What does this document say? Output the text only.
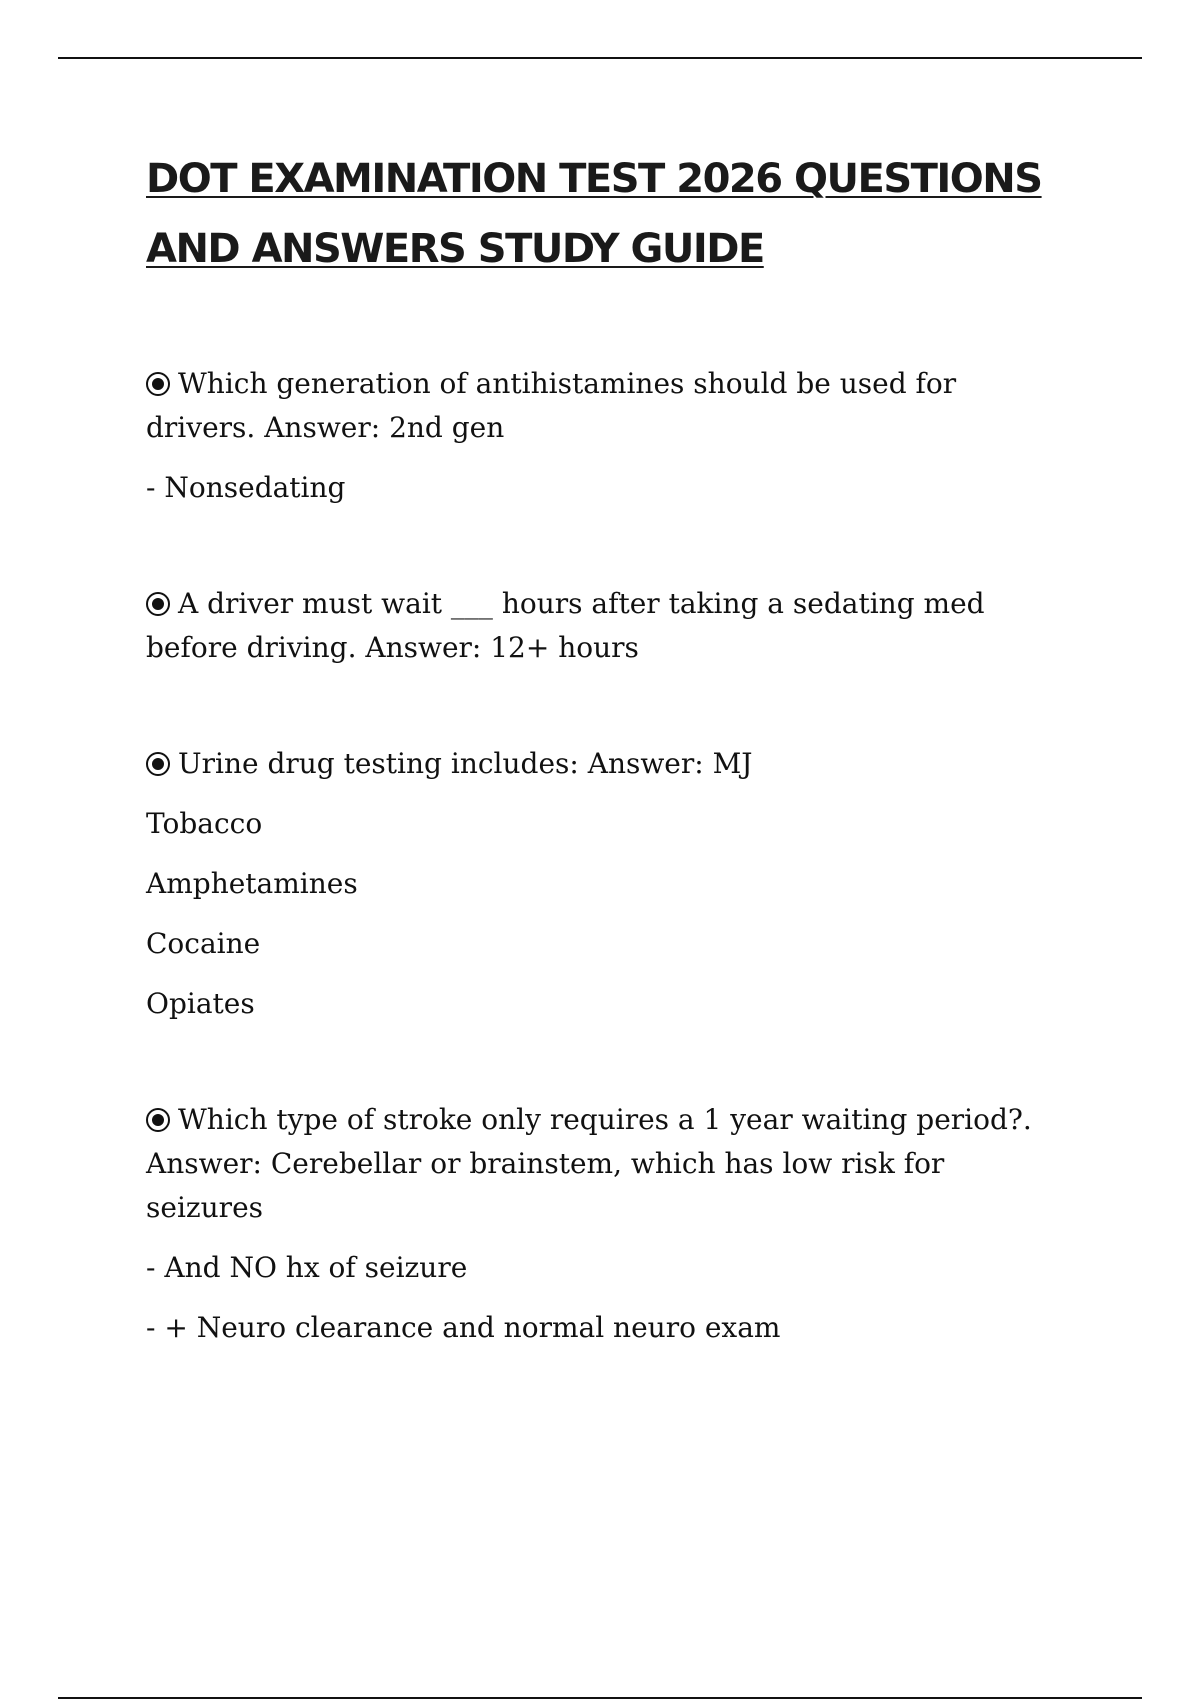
DOT EXAMINATION TEST 2026 QUESTIONS AND ANSWERS STUDY GUIDE

Which generation of antihistamines should be used for drivers. Answer: 2nd gen

- Nonsedating

A driver must wait ___ hours after taking a sedating med before driving. Answer: 12+ hours

Urine drug testing includes: Answer: MJ

Tobacco

Amphetamines

Cocaine

Opiates

Which type of stroke only requires a 1 year waiting period?. Answer: Cerebellar or brainstem, which has low risk for seizures

- And NO hx of seizure

- + Neuro clearance and normal neuro exam
